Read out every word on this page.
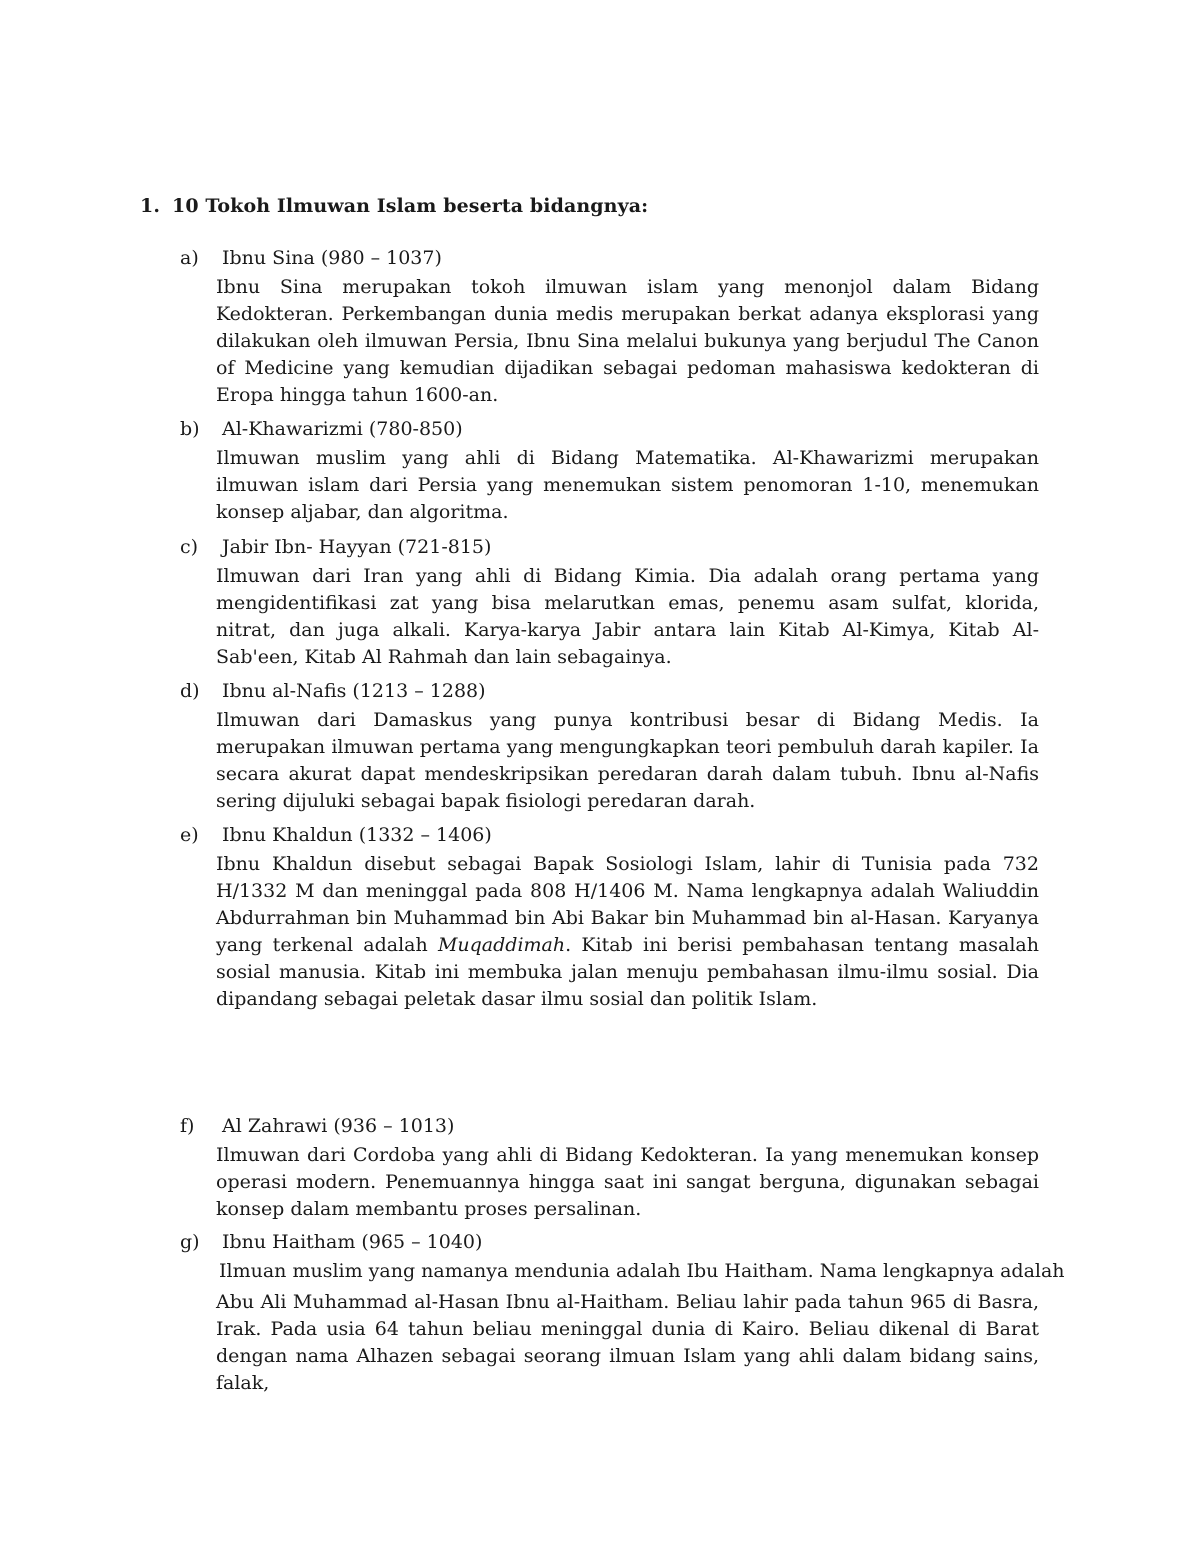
1. 10 Tokoh Ilmuwan Islam beserta bidangnya:
a) Ibnu Sina (980 – 1037)
Ibnu Sina merupakan tokoh ilmuwan islam yang menonjol dalam Bidang Kedokteran. Perkembangan dunia medis merupakan berkat adanya eksplorasi yang dilakukan oleh ilmuwan Persia, Ibnu Sina melalui bukunya yang berjudul The Canon of Medicine yang kemudian dijadikan sebagai pedoman mahasiswa kedokteran di Eropa hingga tahun 1600-an.
b) Al-Khawarizmi (780-850)
Ilmuwan muslim yang ahli di Bidang Matematika. Al-Khawarizmi merupakan ilmuwan islam dari Persia yang menemukan sistem penomoran 1-10, menemukan konsep aljabar, dan algoritma.
c) Jabir Ibn- Hayyan (721-815)
Ilmuwan dari Iran yang ahli di Bidang Kimia. Dia adalah orang pertama yang mengidentifikasi zat yang bisa melarutkan emas, penemu asam sulfat, klorida, nitrat, dan juga alkali. Karya-karya Jabir antara lain Kitab Al-Kimya, Kitab Al-Sab'een, Kitab Al Rahmah dan lain sebagainya.
d) Ibnu al-Nafis (1213 – 1288)
Ilmuwan dari Damaskus yang punya kontribusi besar di Bidang Medis. Ia merupakan ilmuwan pertama yang mengungkapkan teori pembuluh darah kapiler. Ia secara akurat dapat mendeskripsikan peredaran darah dalam tubuh. Ibnu al-Nafis sering dijuluki sebagai bapak fisiologi peredaran darah.
e) Ibnu Khaldun (1332 – 1406)
Ibnu Khaldun disebut sebagai Bapak Sosiologi Islam, lahir di Tunisia pada 732 H/1332 M dan meninggal pada 808 H/1406 M. Nama lengkapnya adalah Waliuddin Abdurrahman bin Muhammad bin Abi Bakar bin Muhammad bin al-Hasan. Karyanya yang terkenal adalah Muqaddimah. Kitab ini berisi pembahasan tentang masalah sosial manusia. Kitab ini membuka jalan menuju pembahasan ilmu-ilmu sosial. Dia dipandang sebagai peletak dasar ilmu sosial dan politik Islam.
f) Al Zahrawi (936 – 1013)
Ilmuwan dari Cordoba yang ahli di Bidang Kedokteran. Ia yang menemukan konsep operasi modern. Penemuannya hingga saat ini sangat berguna, digunakan sebagai konsep dalam membantu proses persalinan.
g) Ibnu Haitham (965 – 1040)
Ilmuan muslim yang namanya mendunia adalah Ibu Haitham. Nama lengkapnya adalah
Abu Ali Muhammad al-Hasan Ibnu al-Haitham. Beliau lahir pada tahun 965 di Basra, Irak. Pada usia 64 tahun beliau meninggal dunia di Kairo. Beliau dikenal di Barat dengan nama Alhazen sebagai seorang ilmuan Islam yang ahli dalam bidang sains, falak,
